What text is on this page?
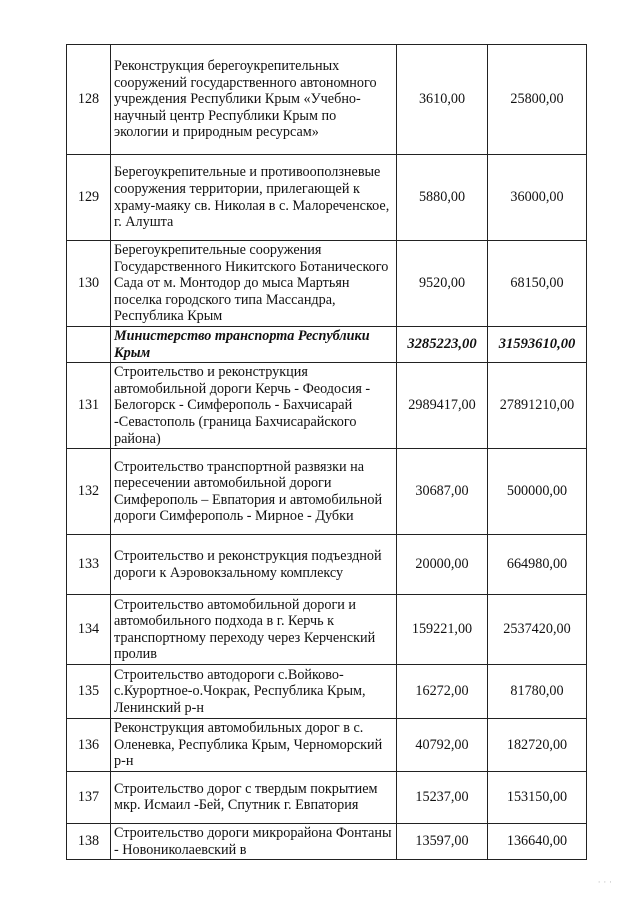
128	Реконструкция берегоукрепительных сооружений государственного автономного учреждения Республики Крым «Учебно-научный центр Республики Крым по экологии и природным ресурсам»	3610,00	25800,00
129	Берегоукрепительные и противооползневые сооружения территории, прилегающей к храму-маяку св. Николая в с. Малореченское, г. Алушта	5880,00	36000,00
130	Берегоукрепительные сооружения Государственного Никитского Ботанического Сада от м. Монтодор до мыса Мартьян поселка городского типа Массандра, Республика Крым	9520,00	68150,00
	Министерство транспорта Республики Крым	3285223,00	31593610,00
131	Строительство и реконструкция автомобильной дороги Керчь - Феодосия - Белогорск - Симферополь - Бахчисарай -Севастополь (граница Бахчисарайского района)	2989417,00	27891210,00
132	Строительство транспортной развязки на пересечении автомобильной дороги Симферополь – Евпатория и автомобильной дороги Симферополь - Мирное - Дубки	30687,00	500000,00
133	Строительство и реконструкция подъездной дороги к Аэровокзальному комплексу	20000,00	664980,00
134	Строительство автомобильной дороги и автомобильного подхода в г. Керчь к транспортному переходу через Керченский пролив	159221,00	2537420,00
135	Строительство автодороги с.Войково-с.Курортное-о.Чокрак, Республика Крым, Ленинский р-н	16272,00	81780,00
136	Реконструкция автомобильных дорог в с. Оленевка, Республика Крым, Черноморский р-н	40792,00	182720,00
137	Строительство дорог с твердым покрытием мкр. Исмаил -Бей, Спутник г. Евпатория	15237,00	153150,00
138	Строительство дороги микрорайона Фонтаны - Новониколаевский в	13597,00	136640,00
· · ·
